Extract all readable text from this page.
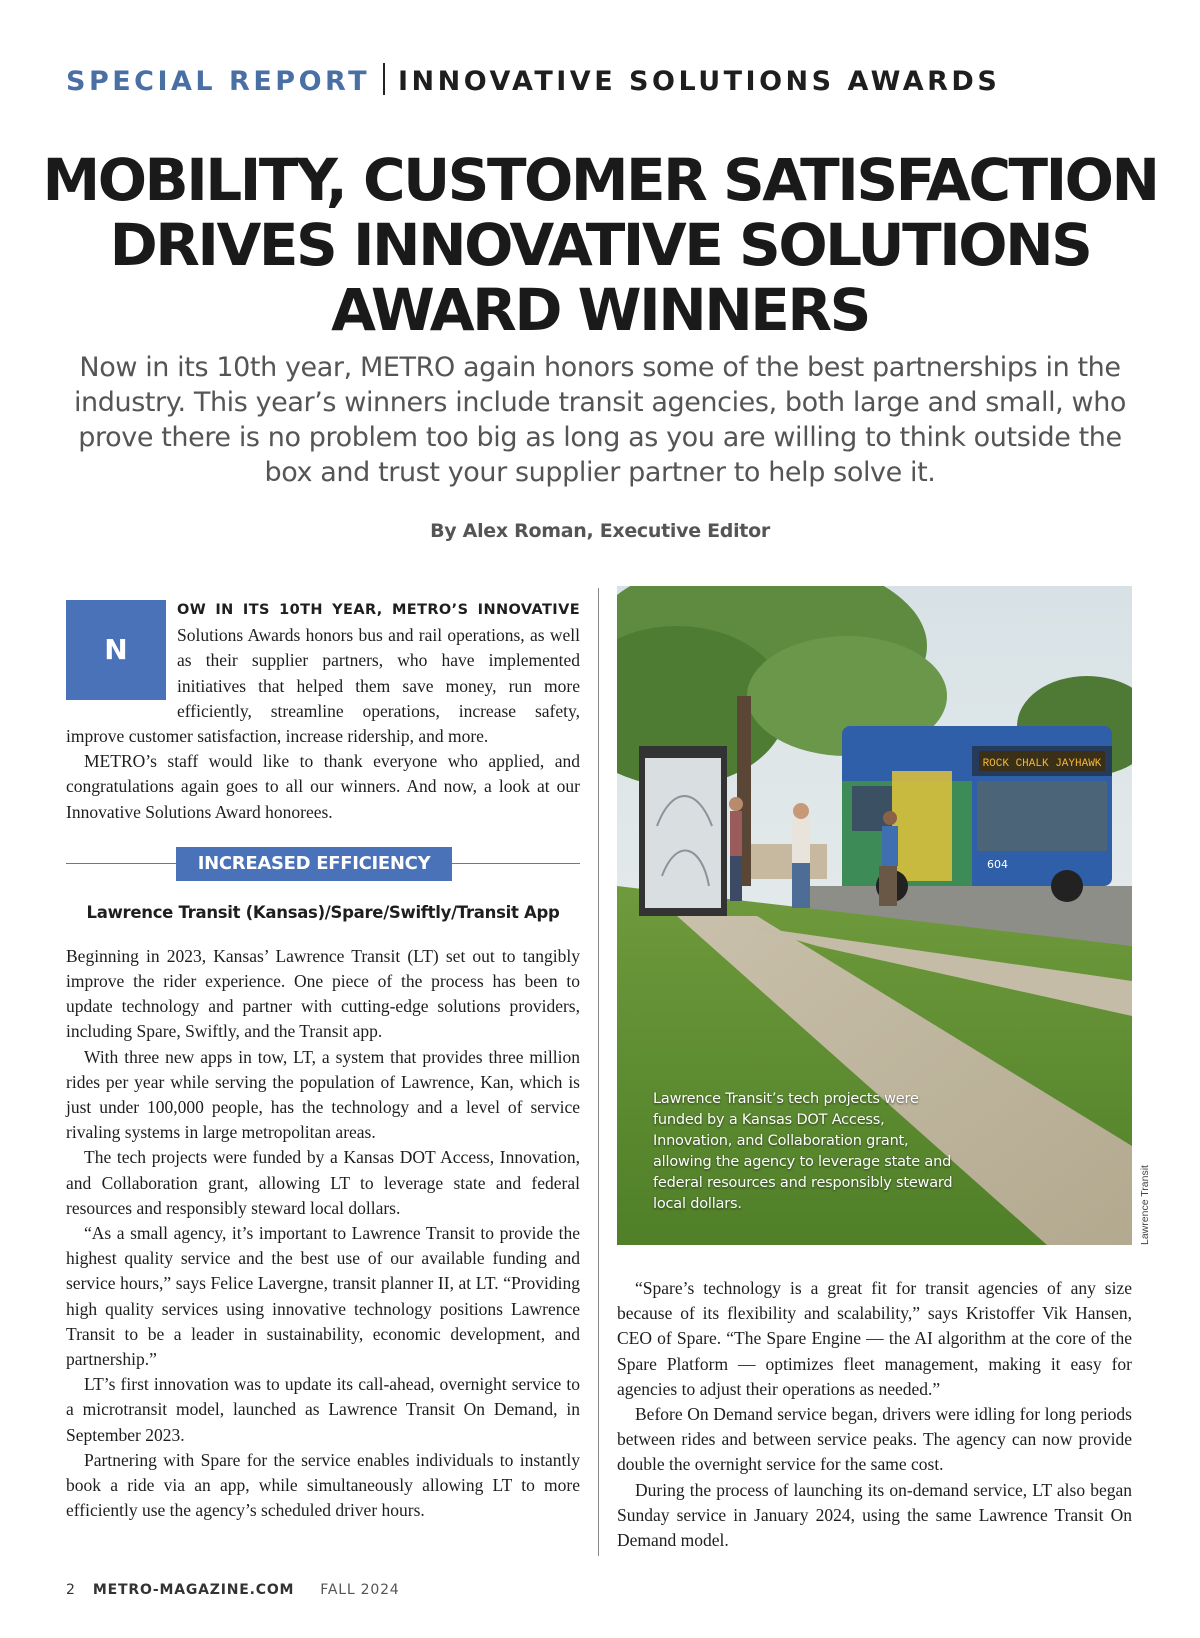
SPECIAL REPORT INNOVATIVE SOLUTIONS AWARDS
MOBILITY, CUSTOMER SATISFACTION
DRIVES INNOVATIVE SOLUTIONS
AWARD WINNERS

Now in its 10th year, METRO again honors some of the best partnerships in the industry. This year’s winners include transit agencies, both large and small, who prove there is no problem too big as long as you are willing to think outside the box and trust your supplier partner to help solve it.

By Alex Roman, Executive Editor

N

OW IN ITS 10TH YEAR, METRO’S INNOVATIVE Solutions Awards honors bus and rail operations, as well as their supplier partners, who have implemented initiatives that helped them save money, run more efficiently, streamline operations, increase safety, improve customer satisfaction, increase ridership, and more.

METRO’s staff would like to thank everyone who applied, and congratulations again goes to all our winners. And now, a look at our Innovative Solutions Award honorees.

INCREASED EFFICIENCY
Lawrence Transit (Kansas)/Spare/Swiftly/Transit App

Beginning in 2023, Kansas’ Lawrence Transit (LT) set out to tangibly improve the rider experience. One piece of the process has been to update technology and partner with cutting-edge solutions providers, including Spare, Swiftly, and the Transit app.

With three new apps in tow, LT, a system that provides three million rides per year while serving the population of Lawrence, Kan, which is just under 100,000 people, has the technology and a level of service rivaling systems in large metropolitan areas.

The tech projects were funded by a Kansas DOT Access, Innovation, and Collaboration grant, allowing LT to leverage state and federal resources and responsibly steward local dollars.

“As a small agency, it’s important to Lawrence Transit to provide the highest quality service and the best use of our available funding and service hours,” says Felice Lavergne, transit planner II, at LT. “Providing high quality services using innovative technology positions Lawrence Transit to be a leader in sustainability, economic development, and partnership.”

LT’s first innovation was to update its call-ahead, overnight service to a microtransit model, launched as Lawrence Transit On Demand, in September 2023.

Partnering with Spare for the service enables individuals to instantly book a ride via an app, while simultaneously allowing LT to more efficiently use the agency’s scheduled driver hours.

ROCK CHALK JAYHAWK
604
Lawrence Transit’s tech projects were funded by a Kansas DOT Access, Innovation, and Collaboration grant, allowing the agency to leverage state and federal resources and responsibly steward local dollars.	Lawrence Transit

“Spare’s technology is a great fit for transit agencies of any size because of its flexibility and scalability,” says Kristoffer Vik Hansen, CEO of Spare. “The Spare Engine — the AI algorithm at the core of the Spare Platform — optimizes fleet management, making it easy for agencies to adjust their operations as needed.”

Before On Demand service began, drivers were idling for long periods between rides and between service peaks. The agency can now provide double the overnight service for the same cost.

During the process of launching its on-demand service, LT also began Sunday service in January 2024, using the same Lawrence Transit On Demand model.

2 METRO-MAGAZINE.COM FALL 2024
